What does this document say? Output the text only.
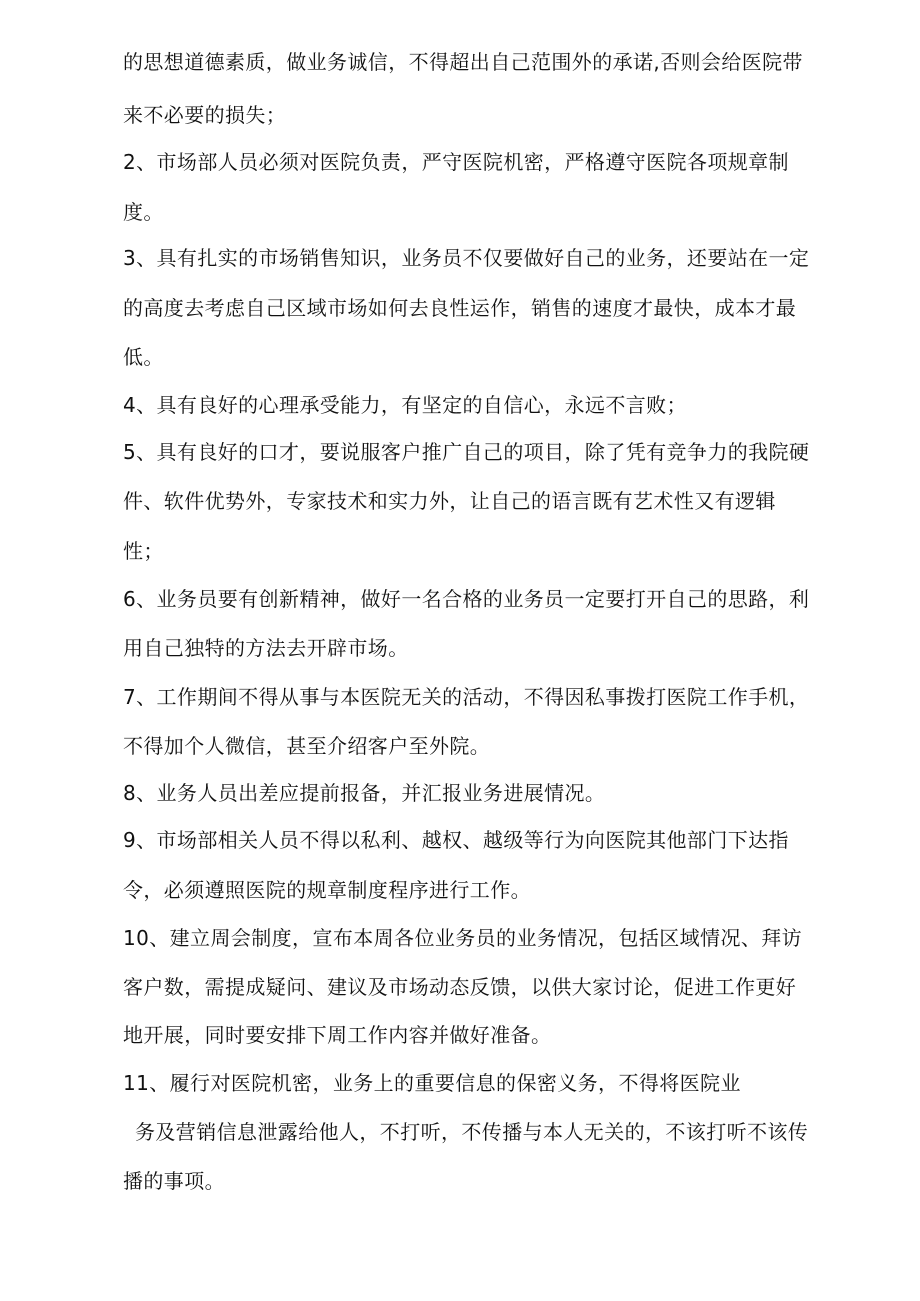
的思想道德素质，做业务诚信，不得超出自己范围外的承诺,否则会给医院带
来不必要的损失；
2、市场部人员必须对医院负责，严守医院机密，严格遵守医院各项规章制
度。
3、具有扎实的市场销售知识，业务员不仅要做好自己的业务，还要站在一定
的高度去考虑自己区域市场如何去良性运作，销售的速度才最快，成本才最
低。
4、具有良好的心理承受能力，有坚定的自信心，永远不言败；
5、具有良好的口才，要说服客户推广自己的项目，除了凭有竞争力的我院硬
件、软件优势外，专家技术和实力外，让自己的语言既有艺术性又有逻辑
性；
6、业务员要有创新精神，做好一名合格的业务员一定要打开自己的思路，利
用自己独特的方法去开辟市场。
7、工作期间不得从事与本医院无关的活动，不得因私事拨打医院工作手机，
不得加个人微信，甚至介绍客户至外院。
8、业务人员出差应提前报备，并汇报业务进展情况。
9、市场部相关人员不得以私利、越权、越级等行为向医院其他部门下达指
令，必须遵照医院的规章制度程序进行工作。
10、建立周会制度，宣布本周各位业务员的业务情况，包括区域情况、拜访
客户数，需提成疑问、建议及市场动态反馈，以供大家讨论，促进工作更好
地开展，同时要安排下周工作内容并做好准备。
11、履行对医院机密，业务上的重要信息的保密义务，不得将医院业
务及营销信息泄露给他人，不打听，不传播与本人无关的，不该打听不该传
播的事项。
